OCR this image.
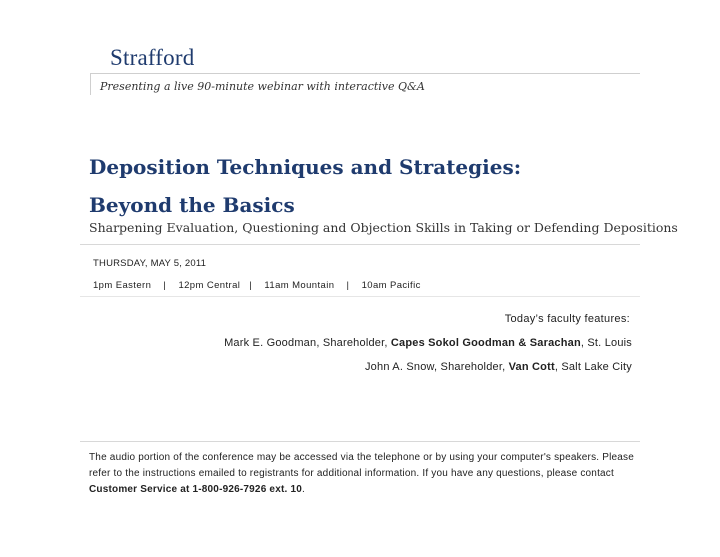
Strafford
Presenting a live 90-minute webinar with interactive Q&A
Deposition Techniques and Strategies:
Beyond the Basics
Sharpening Evaluation, Questioning and Objection Skills in Taking or Defending Depositions
THURSDAY, MAY 5, 2011
1pm Eastern    |    12pm Central   |    11am Mountain    |    10am Pacific
Today’s faculty features:
Mark E. Goodman, Shareholder, Capes Sokol Goodman & Sarachan, St. Louis
John A. Snow, Shareholder, Van Cott, Salt Lake City
The audio portion of the conference may be accessed via the telephone or by using your computer's speakers. Please refer to the instructions emailed to registrants for additional information. If you have any questions, please contact Customer Service at 1-800-926-7926 ext. 10.
